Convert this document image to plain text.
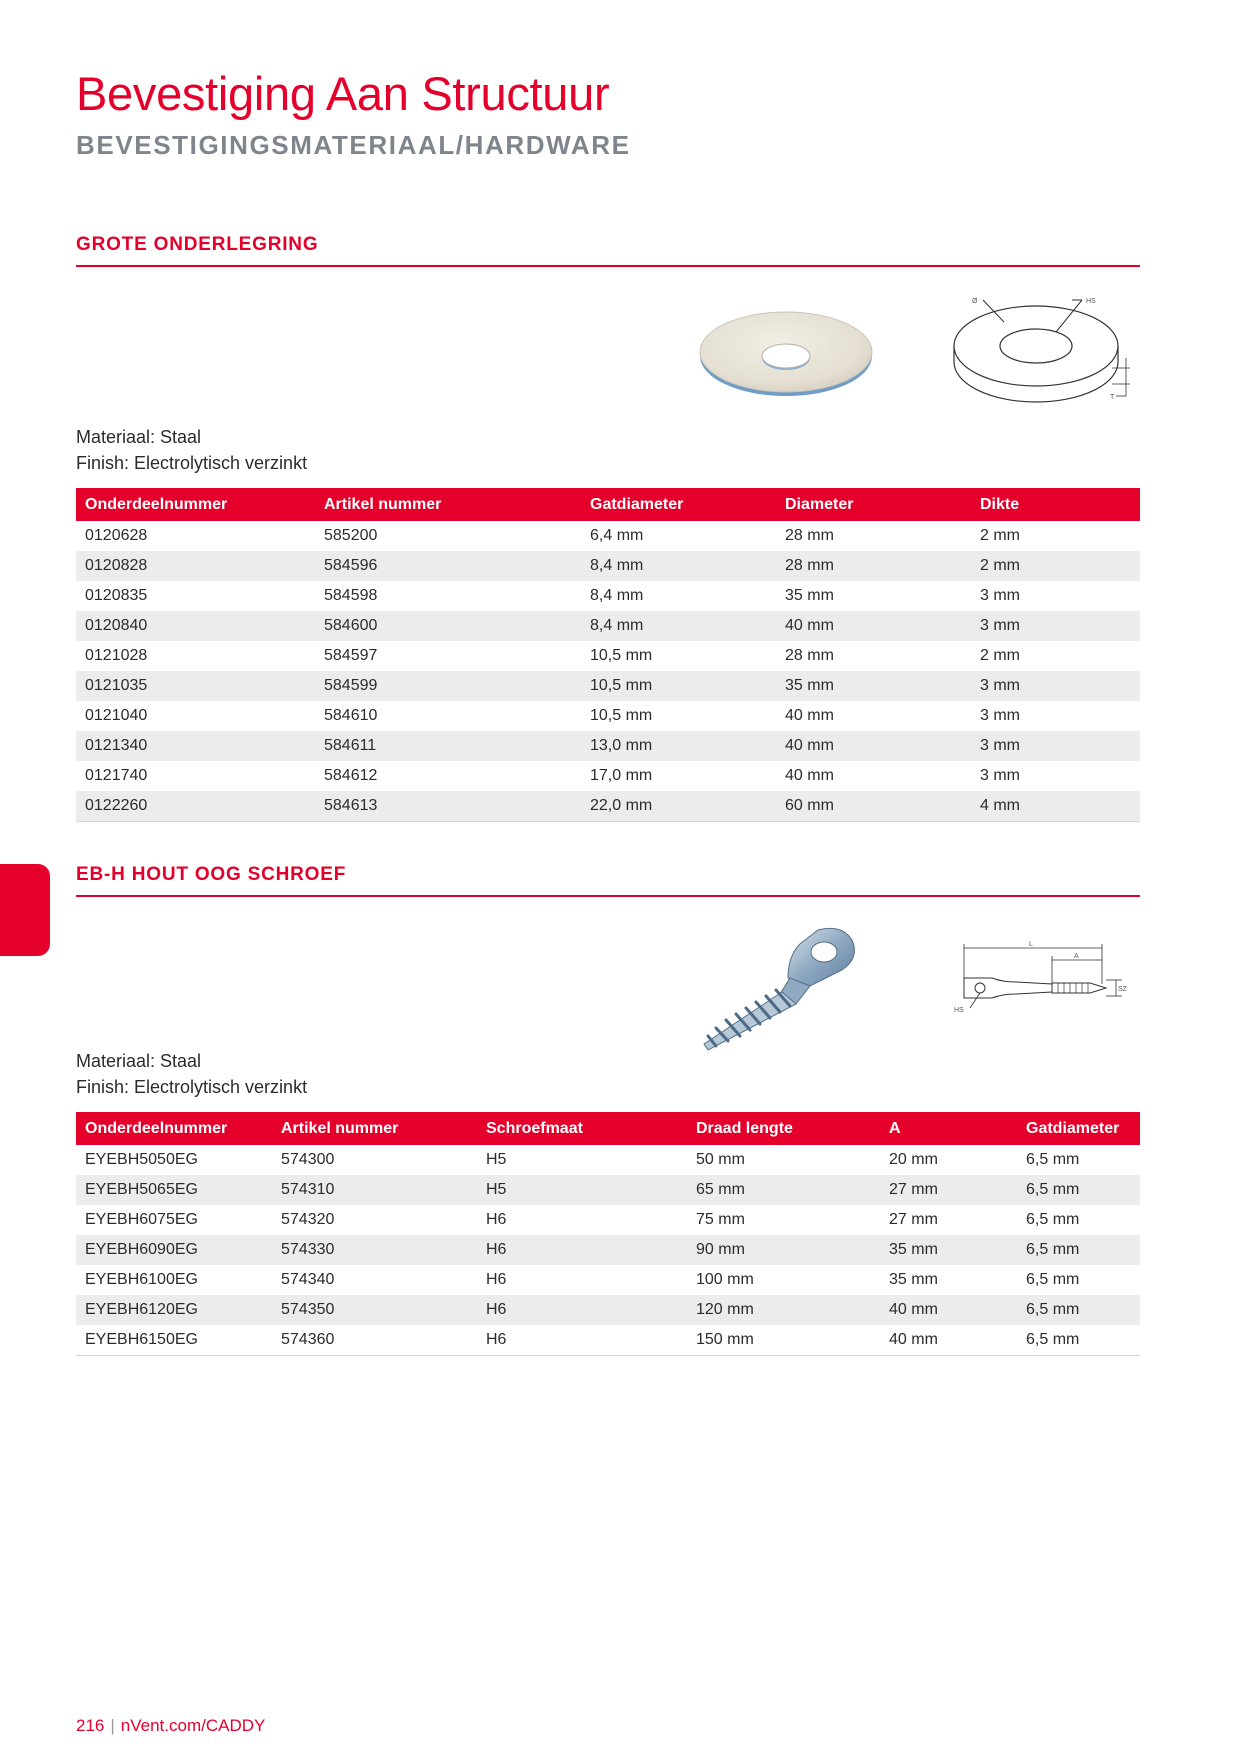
Bevestiging Aan Structuur
BEVESTIGINGSMATERIAAL/HARDWARE
GROTE ONDERLEGRING
Ø	HS
T
Materiaal: Staal
Finish: Electrolytisch verzinkt
Onderdeelnummer	Artikel nummer	Gatdiameter	Diameter	Dikte
0120628	585200	6,4 mm	28 mm	2 mm
0120828	584596	8,4 mm	28 mm	2 mm
0120835	584598	8,4 mm	35 mm	3 mm
0120840	584600	8,4 mm	40 mm	3 mm
0121028	584597	10,5 mm	28 mm	2 mm
0121035	584599	10,5 mm	35 mm	3 mm
0121040	584610	10,5 mm	40 mm	3 mm
0121340	584611	13,0 mm	40 mm	3 mm
0121740	584612	17,0 mm	40 mm	3 mm
0122260	584613	22,0 mm	60 mm	4 mm
EB-H HOUT OOG SCHROEF
L
A
HS
SZ
Materiaal: Staal
Finish: Electrolytisch verzinkt
Onderdeelnummer	Artikel nummer	Schroefmaat	Draad lengte	A	Gatdiameter
EYEBH5050EG	574300	H5	50 mm	20 mm	6,5 mm
EYEBH5065EG	574310	H5	65 mm	27 mm	6,5 mm
EYEBH6075EG	574320	H6	75 mm	27 mm	6,5 mm
EYEBH6090EG	574330	H6	90 mm	35 mm	6,5 mm
EYEBH6100EG	574340	H6	100 mm	35 mm	6,5 mm
EYEBH6120EG	574350	H6	120 mm	40 mm	6,5 mm
EYEBH6150EG	574360	H6	150 mm	40 mm	6,5 mm
216 | nVent.com/CADDY
